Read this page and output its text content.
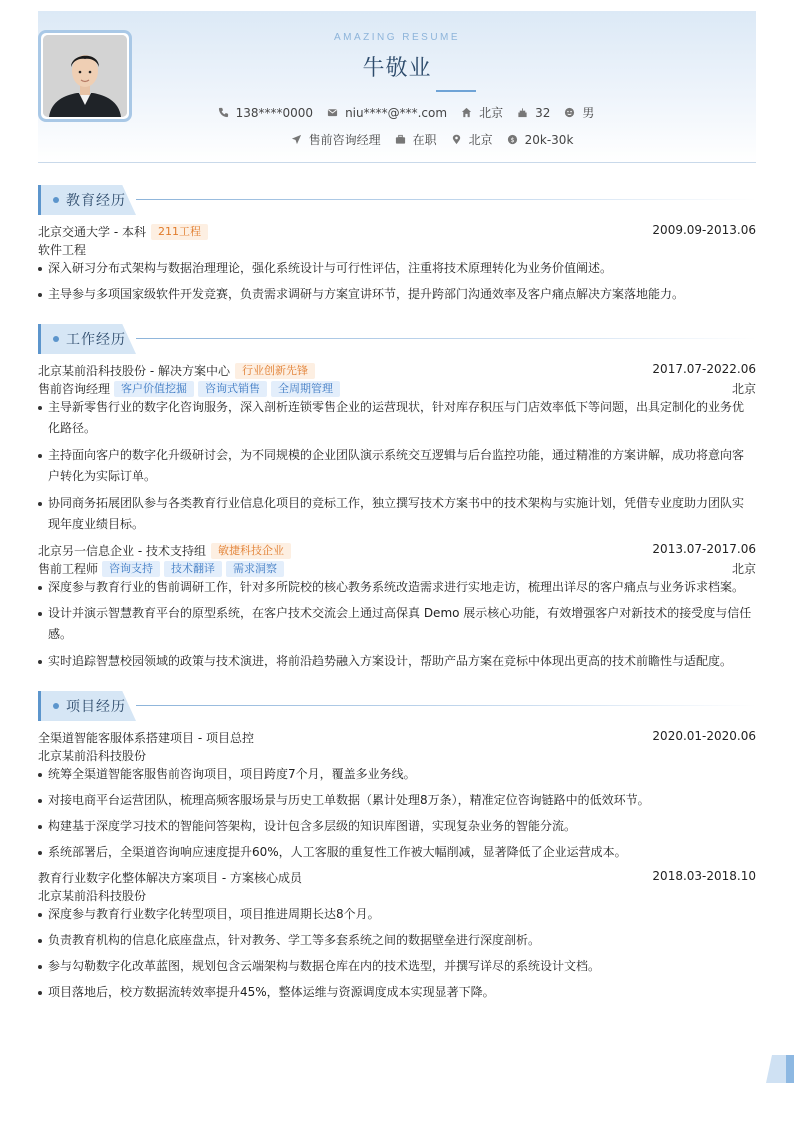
AMAZING RESUME
牛敬业
138****0000	niu****@***.com	北京	32	男
售前咨询经理	在职	北京 $ 20k-30k
教育经历
北京交通大学 - 本科 211工程	2009.09-2013.06
软件工程
深入研习分布式架构与数据治理理论，强化系统设计与可行性评估，注重将技术原理转化为业务价值阐述。
主导参与多项国家级软件开发竞赛，负责需求调研与方案宣讲环节，提升跨部门沟通效率及客户痛点解决方案落地能力。
工作经历
北京某前沿科技股份 - 解决方案中心 行业创新先锋	2017.07-2022.06
售前咨询经理 客户价值挖掘 咨询式销售 全周期管理	北京
主导新零售行业的数字化咨询服务，深入剖析连锁零售企业的运营现状，针对库存积压与门店效率低下等问题，出具定制化的业务优
化路径。
主持面向客户的数字化升级研讨会，为不同规模的企业团队演示系统交互逻辑与后台监控功能，通过精准的方案讲解，成功将意向客
户转化为实际订单。
协同商务拓展团队参与各类教育行业信息化项目的竞标工作，独立撰写技术方案书中的技术架构与实施计划，凭借专业度助力团队实
现年度业绩目标。
北京另一信息企业 - 技术支持组 敏捷科技企业	2013.07-2017.06
售前工程师 咨询支持 技术翻译 需求洞察	北京
深度参与教育行业的售前调研工作，针对多所院校的核心教务系统改造需求进行实地走访，梳理出详尽的客户痛点与业务诉求档案。
设计并演示智慧教育平台的原型系统，在客户技术交流会上通过高保真 Demo 展示核心功能，有效增强客户对新技术的接受度与信任
感。
实时追踪智慧校园领域的政策与技术演进，将前沿趋势融入方案设计，帮助产品方案在竞标中体现出更高的技术前瞻性与适配度。
项目经历
全渠道智能客服体系搭建项目 - 项目总控	2020.01-2020.06
北京某前沿科技股份
统筹全渠道智能客服售前咨询项目，项目跨度7个月，覆盖多业务线。
对接电商平台运营团队，梳理高频客服场景与历史工单数据（累计处理8万条），精准定位咨询链路中的低效环节。
构建基于深度学习技术的智能问答架构，设计包含多层级的知识库图谱，实现复杂业务的智能分流。
系统部署后，全渠道咨询响应速度提升60%，人工客服的重复性工作被大幅削减，显著降低了企业运营成本。
教育行业数字化整体解决方案项目 - 方案核心成员	2018.03-2018.10
北京某前沿科技股份
深度参与教育行业数字化转型项目，项目推进周期长达8个月。
负责教育机构的信息化底座盘点，针对教务、学工等多套系统之间的数据壁垒进行深度剖析。
参与勾勒数字化改革蓝图，规划包含云端架构与数据仓库在内的技术选型，并撰写详尽的系统设计文档。
项目落地后，校方数据流转效率提升45%，整体运维与资源调度成本实现显著下降。
